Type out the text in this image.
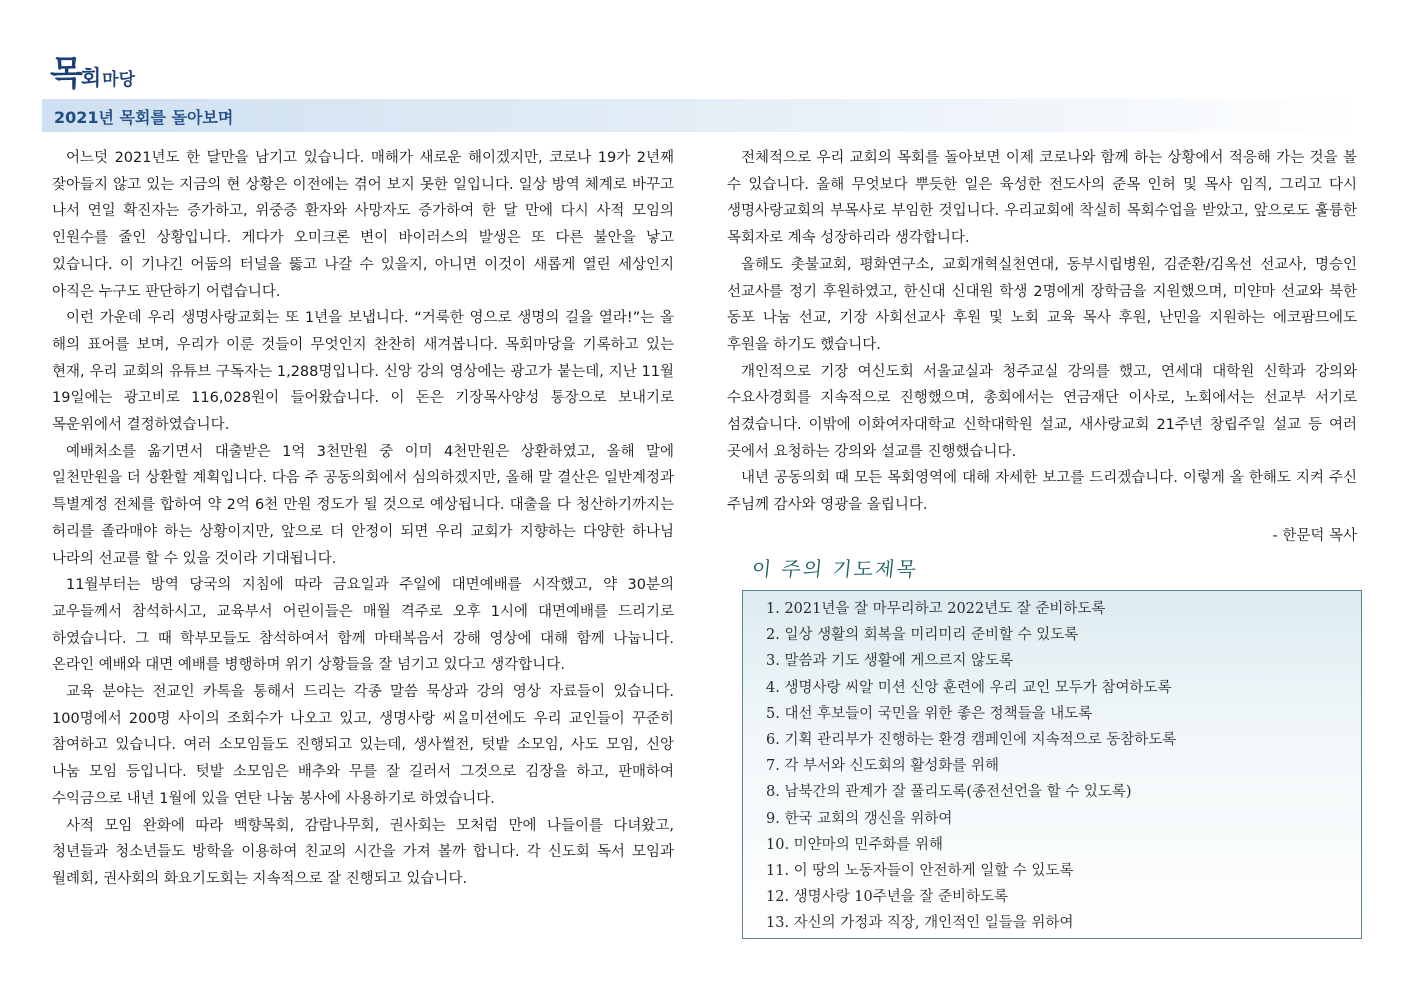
목회마당
2021년 목회를 돌아보며

어느덧 2021년도 한 달만을 남기고 있습니다. 매해가 새로운 해이겠지만, 코로나 19가 2년째 잦아들지 않고 있는 지금의 현 상황은 이전에는 겪어 보지 못한 일입니다. 일상 방역 체계로 바꾸고 나서 연일 확진자는 증가하고, 위중증 환자와 사망자도 증가하여 한 달 만에 다시 사적 모임의 인원수를 줄인 상황입니다. 게다가 오미크론 변이 바이러스의 발생은 또 다른 불안을 낳고 있습니다. 이 기나긴 어둠의 터널을 뚫고 나갈 수 있을지, 아니면 이것이 새롭게 열린 세상인지 아직은 누구도 판단하기 어렵습니다.

이런 가운데 우리 생명사랑교회는 또 1년을 보냅니다. “거룩한 영으로 생명의 길을 열라!”는 올 해의 표어를 보며, 우리가 이룬 것들이 무엇인지 찬찬히 새겨봅니다. 목회마당을 기록하고 있는 현재, 우리 교회의 유튜브 구독자는 1,288명입니다. 신앙 강의 영상에는 광고가 붙는데, 지난 11월 19일에는 광고비로 116,028원이 들어왔습니다. 이 돈은 기장목사양성 통장으로 보내기로 목운위에서 결정하였습니다.

예배처소를 옮기면서 대출받은 1억 3천만원 중 이미 4천만원은 상환하였고, 올해 말에 일천만원을 더 상환할 계획입니다. 다음 주 공동의회에서 심의하겠지만, 올해 말 결산은 일반계정과 특별계정 전체를 합하여 약 2억 6천 만원 정도가 될 것으로 예상됩니다. 대출을 다 청산하기까지는 허리를 졸라매야 하는 상황이지만, 앞으로 더 안정이 되면 우리 교회가 지향하는 다양한 하나님 나라의 선교를 할 수 있을 것이라 기대됩니다.

11월부터는 방역 당국의 지침에 따라 금요일과 주일에 대면예배를 시작했고, 약 30분의 교우들께서 참석하시고, 교육부서 어린이들은 매월 격주로 오후 1시에 대면예배를 드리기로 하였습니다. 그 때 학부모들도 참석하여서 함께 마태복음서 강해 영상에 대해 함께 나눕니다. 온라인 예배와 대면 예배를 병행하며 위기 상황들을 잘 넘기고 있다고 생각합니다.

교육 분야는 전교인 카톡을 통해서 드리는 각종 말씀 묵상과 강의 영상 자료들이 있습니다. 100명에서 200명 사이의 조회수가 나오고 있고, 생명사랑 씨ᄋᆞᆯ미션에도 우리 교인들이 꾸준히 참여하고 있습니다. 여러 소모임들도 진행되고 있는데, 생사썰전, 텃밭 소모임, 사도 모임, 신앙 나눔 모임 등입니다. 텃밭 소모임은 배추와 무를 잘 길러서 그것으로 김장을 하고, 판매하여 수익금으로 내년 1월에 있을 연탄 나눔 봉사에 사용하기로 하였습니다.

사적 모임 완화에 따라 백향목회, 감람나무회, 권사회는 모처럼 만에 나들이를 다녀왔고, 청년들과 청소년들도 방학을 이용하여 친교의 시간을 가져 볼까 합니다. 각 신도회 독서 모임과 월례회, 권사회의 화요기도회는 지속적으로 잘 진행되고 있습니다.

전체적으로 우리 교회의 목회를 돌아보면 이제 코로나와 함께 하는 상황에서 적응해 가는 것을 볼 수 있습니다. 올해 무엇보다 뿌듯한 일은 육성한 전도사의 준목 인허 및 목사 임직, 그리고 다시 생명사랑교회의 부목사로 부임한 것입니다. 우리교회에 착실히 목회수업을 받았고, 앞으로도 훌륭한 목회자로 계속 성장하리라 생각합니다.

올해도 촛불교회, 평화연구소, 교회개혁실천연대, 동부시립병원, 김준환/김옥선 선교사, 명승인 선교사를 정기 후원하였고, 한신대 신대원 학생 2명에게 장학금을 지원했으며, 미얀마 선교와 북한 동포 나눔 선교, 기장 사회선교사 후원 및 노회 교육 목사 후원, 난민을 지원하는 에코팜므에도 후원을 하기도 했습니다.

개인적으로 기장 여신도회 서울교실과 청주교실 강의를 했고, 연세대 대학원 신학과 강의와 수요사경회를 지속적으로 진행했으며, 총회에서는 연금재단 이사로, 노회에서는 선교부 서기로 섬겼습니다. 이밖에 이화여자대학교 신학대학원 설교, 새사랑교회 21주년 창립주일 설교 등 여러 곳에서 요청하는 강의와 설교를 진행했습니다.

내년 공동의회 때 모든 목회영역에 대해 자세한 보고를 드리겠습니다. 이렇게 올 한해도 지켜 주신 주님께 감사와 영광을 올립니다.

- 한문덕 목사

이 주의 기도제목
1. 2021년을 잘 마무리하고 2022년도 잘 준비하도록
2. 일상 생활의 회복을 미리미리 준비할 수 있도록
3. 말씀과 기도 생활에 게으르지 않도록
4. 생명사랑 씨알 미션 신앙 훈련에 우리 교인 모두가 참여하도록
5. 대선 후보들이 국민을 위한 좋은 정책들을 내도록
6. 기획 관리부가 진행하는 환경 캠페인에 지속적으로 동참하도록
7. 각 부서와 신도회의 활성화를 위해
8. 남북간의 관계가 잘 풀리도록(종전선언을 할 수 있도록)
9. 한국 교회의 갱신을 위하여
10. 미얀마의 민주화를 위해
11. 이 땅의 노동자들이 안전하게 일할 수 있도록
12. 생명사랑 10주년을 잘 준비하도록
13. 자신의 가정과 직장, 개인적인 일들을 위하여
